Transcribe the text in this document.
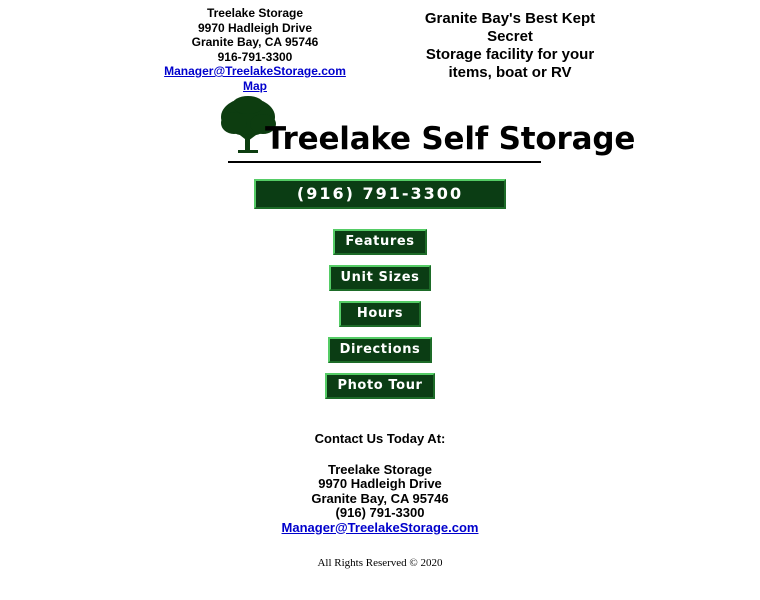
Treelake Storage
9970 Hadleigh Drive
Granite Bay, CA 95746
916-791-3300
Manager@TreelakeStorage.com
Map
Granite Bay's Best Kept
Secret
Storage facility for your
items, boat or RV
Treelake Self Storage
(916) 791-3300
Features
Unit Sizes
Hours
Directions
Photo Tour
Contact Us Today At:
Treelake Storage
9970 Hadleigh Drive
Granite Bay, CA 95746
(916) 791-3300
Manager@TreelakeStorage.com
All Rights Reserved © 2020
